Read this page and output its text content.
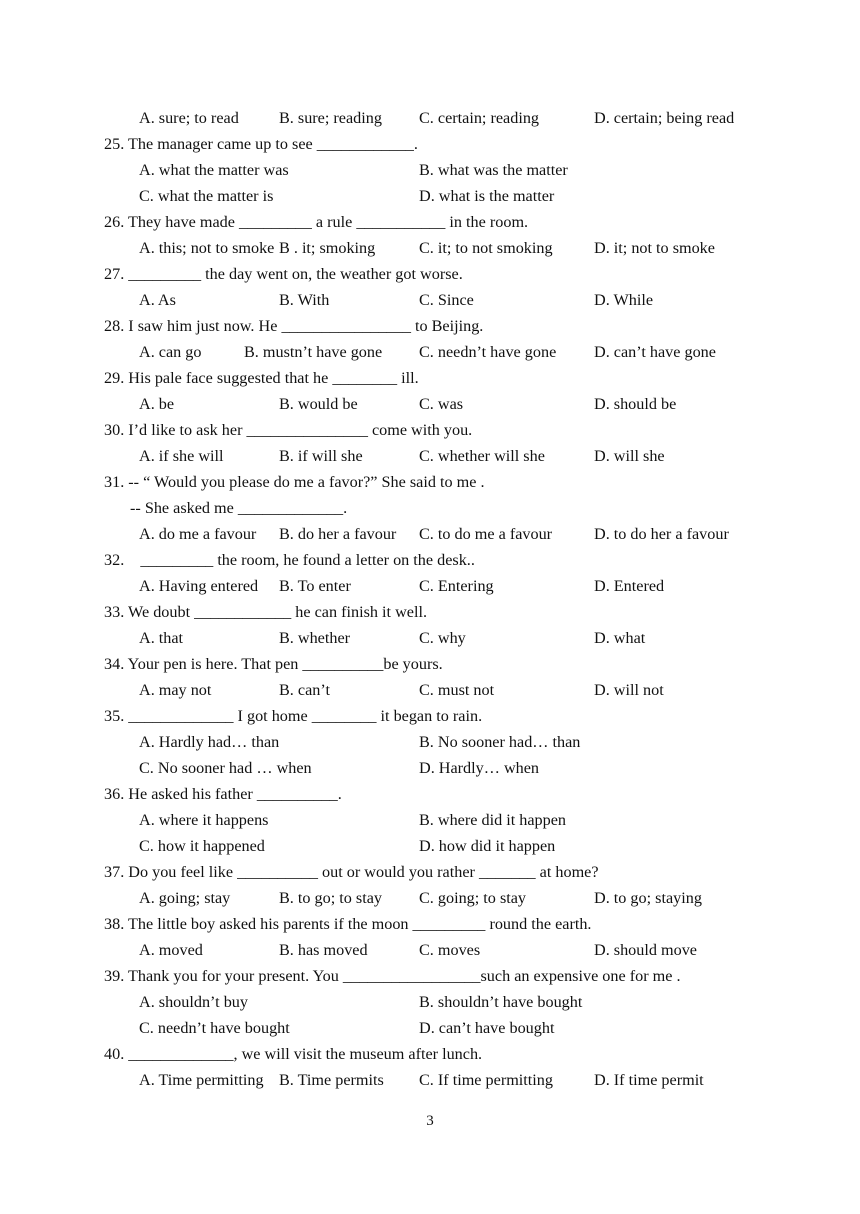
3
A. sure; to read B. sure; reading C. certain; reading	D. certain; being read
25. The manager came up to see ____________.
A. what the matter was	B. what was the matter
C. what the matter is	D. what is the matter
26. They have made _________ a rule ___________ in the room.
A. this; not to smoke B . it; smoking	C. it; to not smoking	D. it; not to smoke
27. _________ the day went on, the weather got worse.
A. As	B. With	C. Since	D. While
28. I saw him just now. He ________________ to Beijing.
A. can go	B. mustn’t have gone C. needn’t have gone D. can’t have gone
29. His pale face suggested that he ________ ill.
A. be	B. would be	C. was	D. should be
30. I’d like to ask her _______________ come with you.
A. if she will	B. if will she	C. whether will she	D. will she
31. -- “ Would you please do me a favor?” She said to me .
-- She asked me _____________.
A. do me a favour B. do her a favour C. to do me a favour	D. to do her a favour
32.    _________ the room, he found a letter on the desk..
A. Having entered B. To enter	C. Entering	D. Entered
33. We doubt ____________ he can finish it well.
A. that	B. whether	C. why	D. what
34. Your pen is here. That pen __________be yours.
A. may not	B. can’t	C. must not	D. will not
35. _____________ I got home ________ it began to rain.
A. Hardly had… than	B. No sooner had… than
C. No sooner had … when	D. Hardly… when
36. He asked his father __________.
A. where it happens	B. where did it happen
C. how it happened	D. how did it happen
37. Do you feel like __________ out or would you rather _______ at home?
A. going; stay	B. to go; to stay C. going; to stay	D. to go; staying
38. The little boy asked his parents if the moon _________ round the earth.
A. moved	B. has moved	C. moves	D. should move
39. Thank you for your present. You _________________such an expensive one for me .
A. shouldn’t buy	B. shouldn’t have bought
C. needn’t have bought	D. can’t have bought
40. _____________, we will visit the museum after lunch.
A. Time permitting B. Time permits C. If time permitting	D. If time permit
